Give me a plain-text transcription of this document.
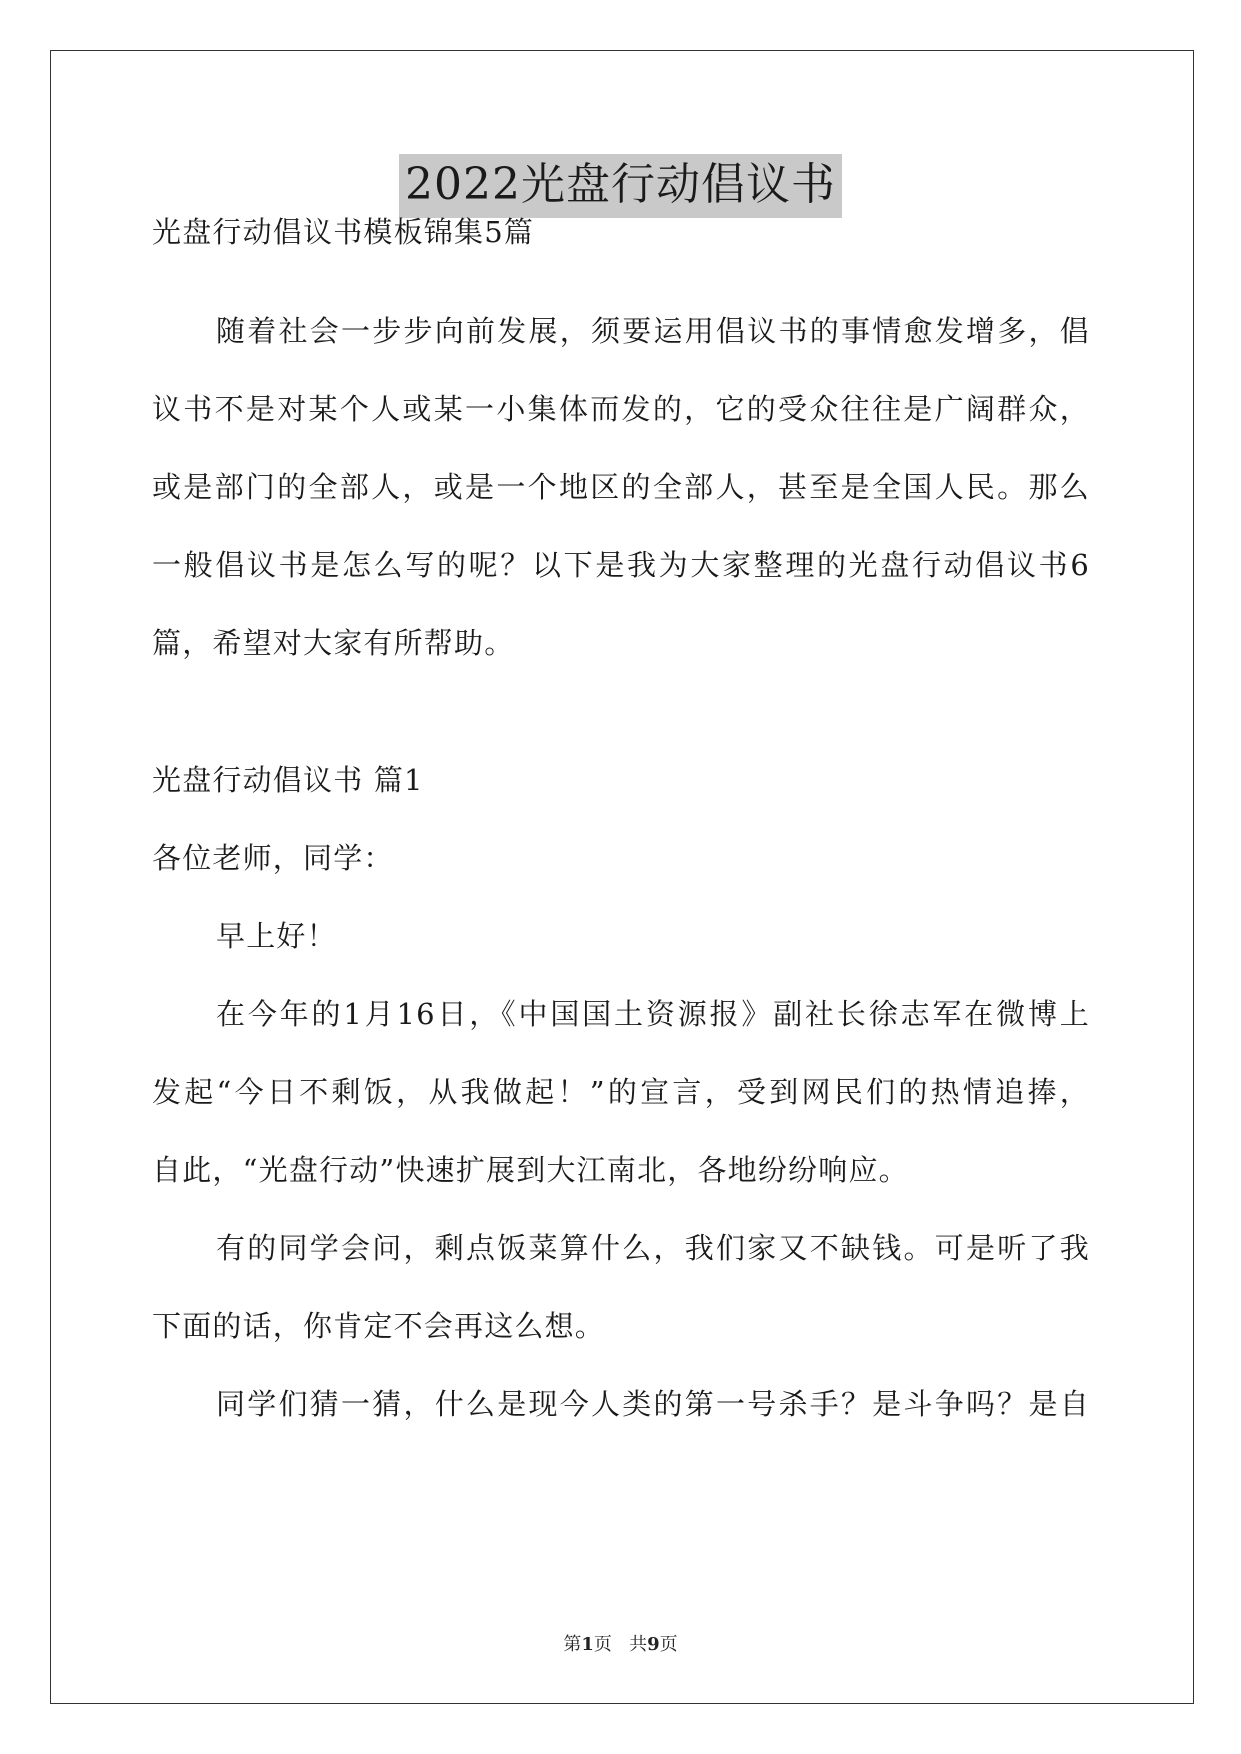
2022光盘行动倡议书
光盘行动倡议书模板锦集5篇
随着社会一步步向前发展，须要运用倡议书的事情愈发增多，倡
议书不是对某个人或某一小集体而发的，它的受众往往是广阔群众，
或是部门的全部人，或是一个地区的全部人，甚至是全国人民。那么
一般倡议书是怎么写的呢？以下是我为大家整理的光盘行动倡议书6
篇，希望对大家有所帮助。
光盘行动倡议书 篇1
各位老师，同学：
早上好！
在今年的1月16日，《中国国土资源报》副社长徐志军在微博上
发起“今日不剩饭，从我做起！”的宣言，受到网民们的热情追捧，
自此，“光盘行动”快速扩展到大江南北，各地纷纷响应。
有的同学会问，剩点饭菜算什么，我们家又不缺钱。可是听了我
下面的话，你肯定不会再这么想。
同学们猜一猜，什么是现今人类的第一号杀手？是斗争吗？是自
第1页   共9页
